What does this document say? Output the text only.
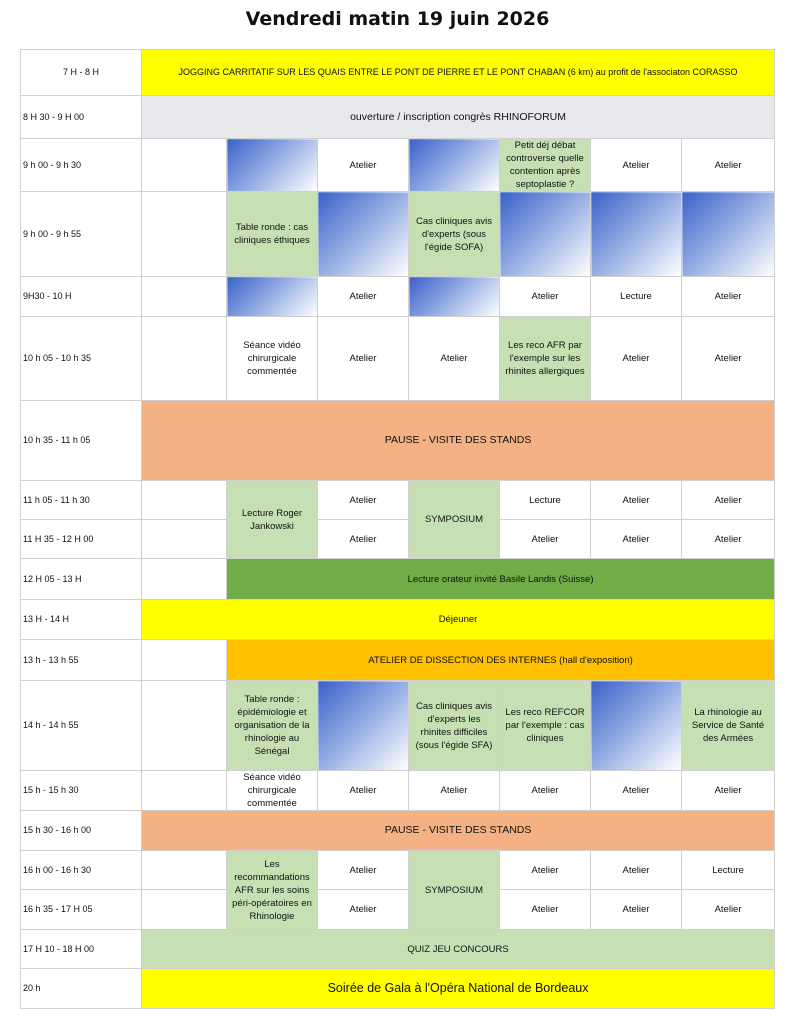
Vendredi matin 19 juin 2026
7 H - 8 H	JOGGING CARRITATIF SUR LES QUAIS ENTRE LE PONT DE PIERRE ET LE PONT CHABAN (6 km) au profit de l'associaton CORASSO						
8 H 30 - 9 H 00	ouverture / inscription congrès RHINOFORUM						
9 h 00 - 9 h 30			Atelier		Petit déj débat controverse quelle contention après septoplastie ?	Atelier	Atelier
9 h 00 - 9 h 55		Table ronde : cas cliniques éthiques		Cas cliniques avis d'experts (sous l'égide SOFA)			
9H30 - 10 H			Atelier		Atelier	Lecture	Atelier
10 h 05 - 10 h 35		Séance vidéo chirurgicale commentée	Atelier	Atelier	Les reco AFR par l'exemple sur les rhinites allergiques	Atelier	Atelier
10 h 35 - 11 h 05	PAUSE - VISITE DES STANDS						
11 h 05 - 11 h 30		Lecture Roger Jankowski	Atelier	SYMPOSIUM	Lecture	Atelier	Atelier
11 H 35 - 12 H 00			Atelier		Atelier	Atelier	Atelier
12 H 05 - 13 H		Lecture orateur invité Basile Landis (Suisse)					
13 H - 14 H	Déjeuner						
13 h - 13 h 55		ATELIER DE DISSECTION DES INTERNES (hall d'exposition)					
14 h - 14 h 55		Table ronde : épidémiologie et organisation de la rhinologie au Sénégal		Cas cliniques avis d'experts les rhinites difficiles (sous l'égide SFA)	Les reco REFCOR par l'exemple : cas cliniques		La rhinologie au Service de Santé des Armées
15 h - 15 h 30		Séance vidéo chirurgicale commentée	Atelier	Atelier	Atelier	Atelier	Atelier
15 h 30 - 16 h 00	PAUSE - VISITE DES STANDS						
16 h 00 - 16 h 30		Les recommandations AFR sur les soins péri-opératoires en Rhinologie	Atelier	SYMPOSIUM	Atelier	Atelier	Lecture
16 h 35 - 17 H 05			Atelier		Atelier	Atelier	Atelier
17 H 10 - 18 H 00	QUIZ JEU CONCOURS						
20 h	Soirée de Gala à l'Opéra National de Bordeaux						
